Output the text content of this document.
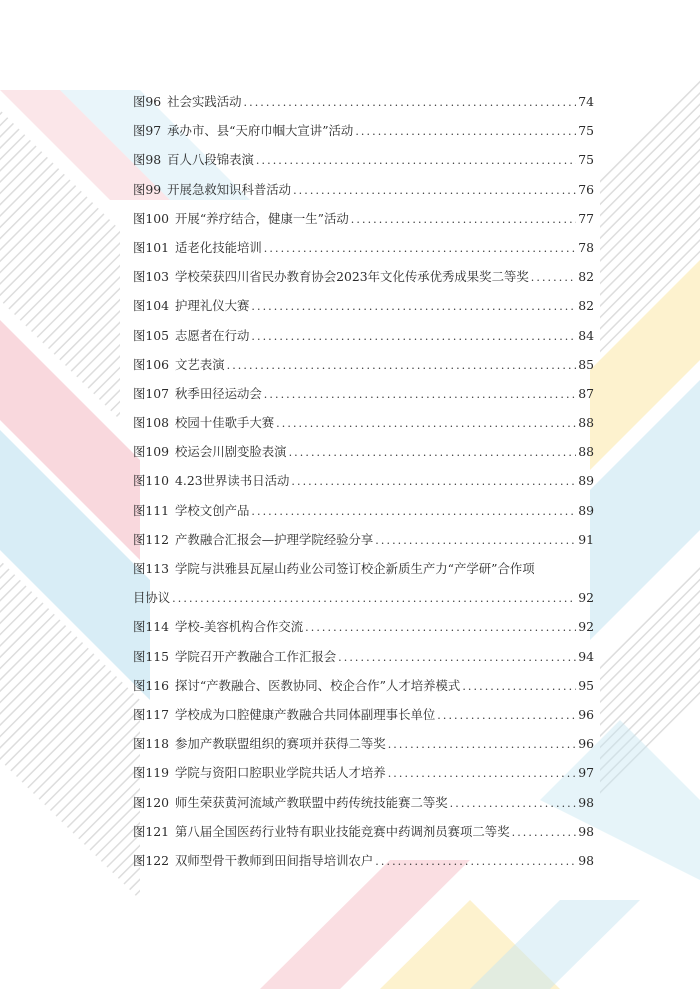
图96 社会实践活动 .....	74
图97 承办市、县“天府巾帼大宣讲”活动 .....	75
图98 百人八段锦表演 .....	75
图99 开展急救知识科普活动 .....	76
图100 开展“养疗结合，健康一生”活动 .....	77
图101 适老化技能培训 .....	78
图103 学校荣获四川省民办教育协会2023年文化传承优秀成果奖二等奖 .....	82
图104 护理礼仪大赛 .....	82
图105 志愿者在行动 .....	84
图106 文艺表演 .....	85
图107 秋季田径运动会 .....	87
图108 校园十佳歌手大赛 .....	88
图109 校运会川剧变脸表演 .....	88
图110 4.23世界读书日活动 .....	89
图111 学校文创产品 .....	89
图112 产教融合汇报会—护理学院经验分享 .....	91
图113 学院与洪雅县瓦屋山药业公司签订校企新质生产力“产学研”合作项
目协议 .....	92
图114 学校-美容机构合作交流 .....	92
图115 学院召开产教融合工作汇报会 .....	94
图116 探讨“产教融合、医教协同、校企合作”人才培养模式 .....	95
图117 学校成为口腔健康产教融合共同体副理事长单位 .....	96
图118 参加产教联盟组织的赛项并获得二等奖 .....	96
图119 学院与资阳口腔职业学院共话人才培养 .....	97
图120 师生荣获黄河流域产教联盟中药传统技能赛二等奖 .....	98
图121 第八届全国医药行业特有职业技能竞赛中药调剂员赛项二等奖 .....	98
图122 双师型骨干教师到田间指导培训农户 .....	98
